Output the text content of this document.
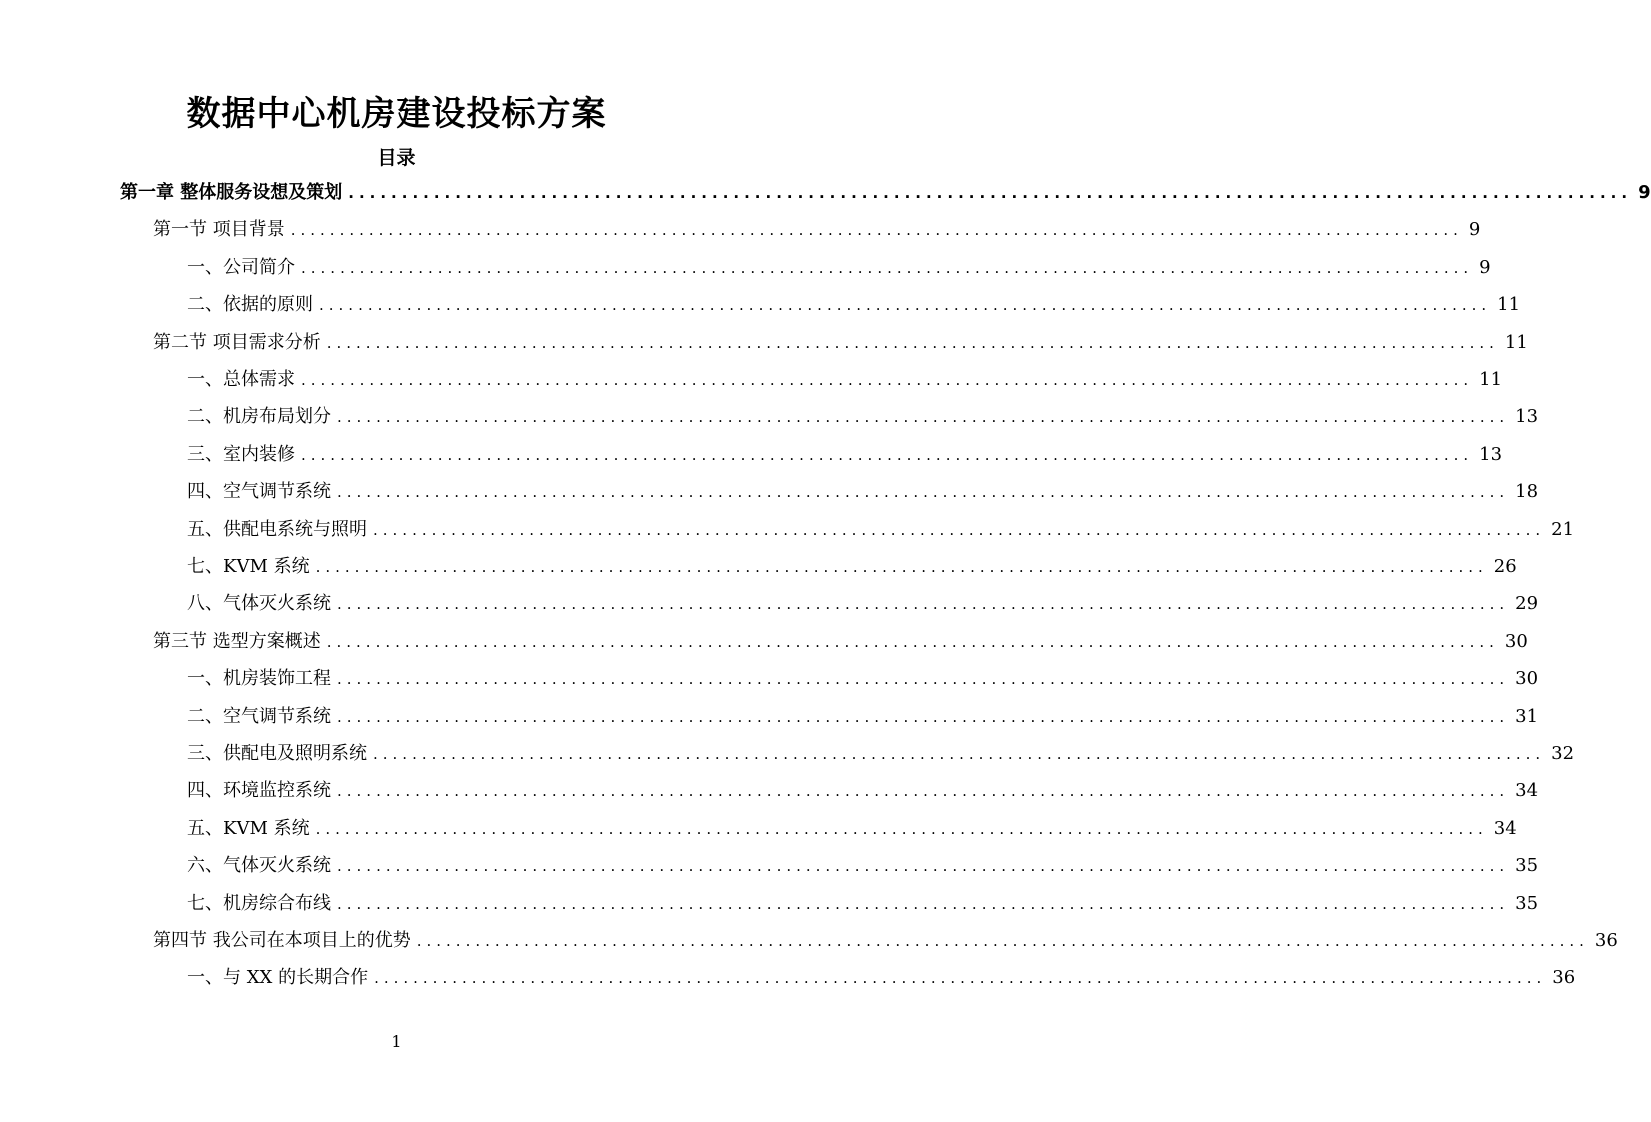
数据中心机房建设投标方案
目录
第一章 整体服务设想及策划 ........................................................................................................................ 9
第一节 项目背景 ........................................................................................................................ 9
一、公司简介 ........................................................................................................................ 9
二、依据的原则 ........................................................................................................................ 11
第二节 项目需求分析 ........................................................................................................................ 11
一、总体需求 ........................................................................................................................ 11
二、机房布局划分 ........................................................................................................................ 13
三、室内装修 ........................................................................................................................ 13
四、空气调节系统 ........................................................................................................................ 18
五、供配电系统与照明 ........................................................................................................................ 21
七、KVM 系统 ........................................................................................................................ 26
八、气体灭火系统 ........................................................................................................................ 29
第三节 选型方案概述 ........................................................................................................................ 30
一、机房装饰工程 ........................................................................................................................ 30
二、空气调节系统 ........................................................................................................................ 31
三、供配电及照明系统 ........................................................................................................................ 32
四、环境监控系统 ........................................................................................................................ 34
五、KVM 系统 ........................................................................................................................ 34
六、气体灭火系统 ........................................................................................................................ 35
七、机房综合布线 ........................................................................................................................ 35
第四节 我公司在本项目上的优势 ........................................................................................................................ 36
一、与 XX 的长期合作 ........................................................................................................................ 36
1
